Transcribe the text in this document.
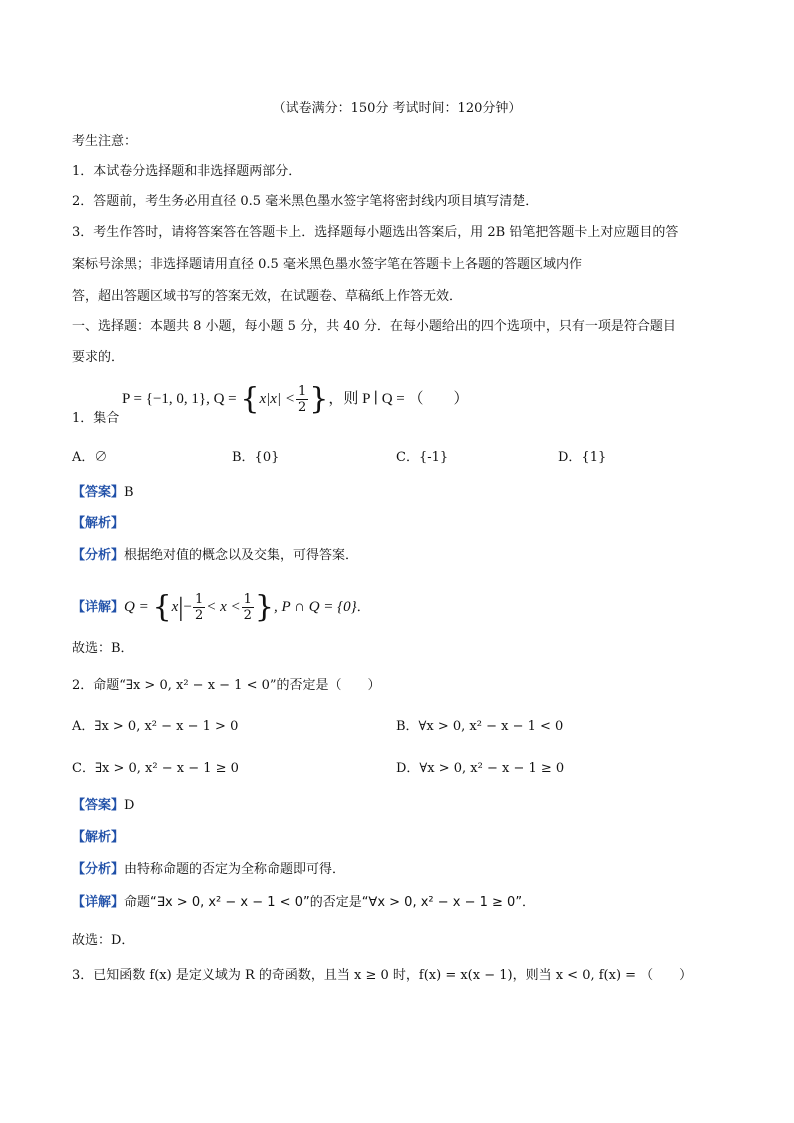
（试卷满分：150分 考试时间：120分钟）
考生注意：
1．本试卷分选择题和非选择题两部分．
2．答题前，考生务必用直径 0.5 毫米黑色墨水签字笔将密封线内项目填写清楚．
3．考生作答时，请将答案答在答题卡上．选择题每小题选出答案后，用 2B 铅笔把答题卡上对应题目的答
案标号涂黑；非选择题请用直径 0.5 毫米黑色墨水签字笔在答题卡上各题的答题区域内作
答，超出答题区域书写的答案无效，在试题卷、草稿纸上作答无效．
一、选择题：本题共 8 小题，每小题 5 分，共 40 分．在每小题给出的四个选项中，只有一项是符合题目
要求的．
1．集合
P = {−1, 0, 1}, $Q = \{x|x| < \frac{1}{2}$ }，则 P ∣ Q = （　　）
A．∅	B．{0}	C．{-1}	D．{1}
【答案】B
【解析】
【分析】根据绝对值的概念以及交集，可得答案．
【详解】$Q = \{x|- \frac{1}{2} < x < \frac{1}{2}$ }, P ∩ Q = {0}．
故选：B．
2．命题“∃x > 0, x² − x − 1 < 0”的否定是（　　）
A．∃x > 0, x² − x − 1 > 0	B．∀x > 0, x² − x − 1 < 0
C．∃x > 0, x² − x − 1 ≥ 0	D．∀x > 0, x² − x − 1 ≥ 0
【答案】D
【解析】
【分析】由特称命题的否定为全称命题即可得．
【详解】命题“∃x > 0, x² − x − 1 < 0”的否定是“∀x > 0, x² − x − 1 ≥ 0”．
故选：D．
3．已知函数 f(x) 是定义域为 R 的奇函数，且当 x ≥ 0 时，f(x) = x(x − 1)，则当 x < 0, f(x) = （　　）
